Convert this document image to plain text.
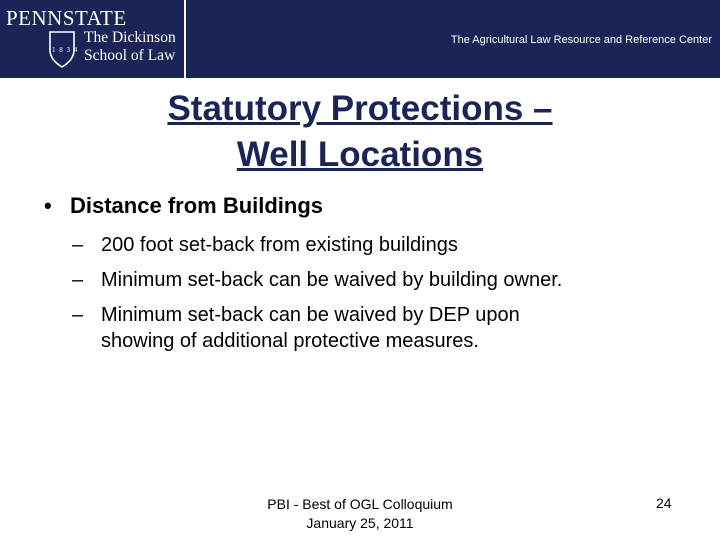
PENNSTATE
1 8 3 4
The Dickinson
School of Law
The Agricultural Law Resource and Reference Center
Statutory Protections –
Well Locations
• Distance from Buildings
– 200 foot set-back from existing buildings
– Minimum set-back can be waived by building owner.
– Minimum set-back can be waived by DEP upon
showing of additional protective measures.
PBI - Best of OGL Colloquium
January 25, 2011
24
